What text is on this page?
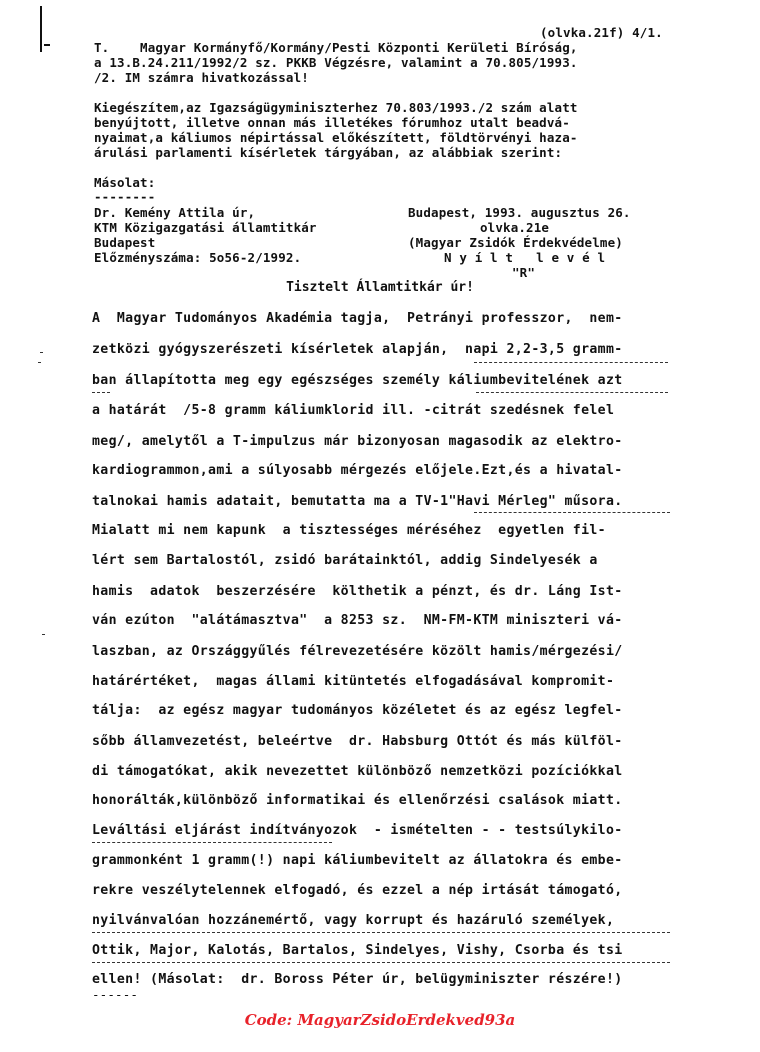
(olvka.21f) 4/1.
T.    Magyar Kormányfő/Kormány/Pesti Központi Kerületi Bíróság,
a 13.B.24.211/1992/2 sz. PKKB Végzésre, valamint a 70.805/1993.
/2. IM számra hivatkozással!
Kiegészítem,az Igazságügyminiszterhez 70.803/1993./2 szám alatt
benyújtott, illetve onnan más illetékes fórumhoz utalt beadvá-
nyaimat,a káliumos népirtással előkészített, földtörvényi haza-
árulási parlamenti kísérletek tárgyában, az alábbiak szerint:
Másolat:
--------
Dr. Kemény Attila úr,
KTM Közigazgatási államtitkár
Budapest
Előzményszáma: 5o56-2/1992.
Budapest, 1993. augusztus 26.
olvka.21e
(Magyar Zsidók Érdekvédelme)
N y í l t   l e v é l
"R"
Tisztelt Államtitkár úr!
A  Magyar Tudományos Akadémia tagja,  Petrányi professzor,  nem-
zetközi gyógyszerészeti kísérletek alapján,  napi 2,2-3,5 gramm-
ban állapította meg egy egészséges személy káliumbevitelének azt
a határát  /5-8 gramm káliumklorid ill. -citrát szedésnek felel
meg/, amelytől a T-impulzus már bizonyosan magasodik az elektro-
kardiogrammon,ami a súlyosabb mérgezés előjele.Ezt,és a hivatal-
talnokai hamis adatait, bemutatta ma a TV-1"Havi Mérleg" műsora.
Mialatt mi nem kapunk  a tisztességes méréséhez  egyetlen fil-
lért sem Bartalostól, zsidó barátainktól, addig Sindelyesék a
hamis  adatok  beszerzésére  költhetik a pénzt, és dr. Láng Ist-
ván ezúton  "alátámasztva"  a 8253 sz.  NM-FM-KTM miniszteri vá-
laszban, az Országgyűlés félrevezetésére közölt hamis/mérgezési/
határértéket,  magas állami kitüntetés elfogadásával kompromit-
tálja:  az egész magyar tudományos közéletet és az egész legfel-
sőbb államvezetést, beleértve  dr. Habsburg Ottót és más külföl-
di támogatókat, akik nevezettet különböző nemzetközi pozíciókkal
honorálták,különböző informatikai és ellenőrzési csalások miatt.
Leváltási eljárást indítványozok  - ismételten - - testsúlykilo-
grammonként 1 gramm(!) napi káliumbevitelt az állatokra és embe-
rekre veszélytelennek elfogadó, és ezzel a nép irtását támogató,
nyilvánvalóan hozzánemértő, vagy korrupt és hazáruló személyek,
Ottik, Major, Kalotás, Bartalos, Sindelyes, Vishy, Csorba és tsi
ellen! (Másolat:  dr. Boross Péter úr, belügyminiszter részére!)
------
Code: MagyarZsidoErdekved93a
